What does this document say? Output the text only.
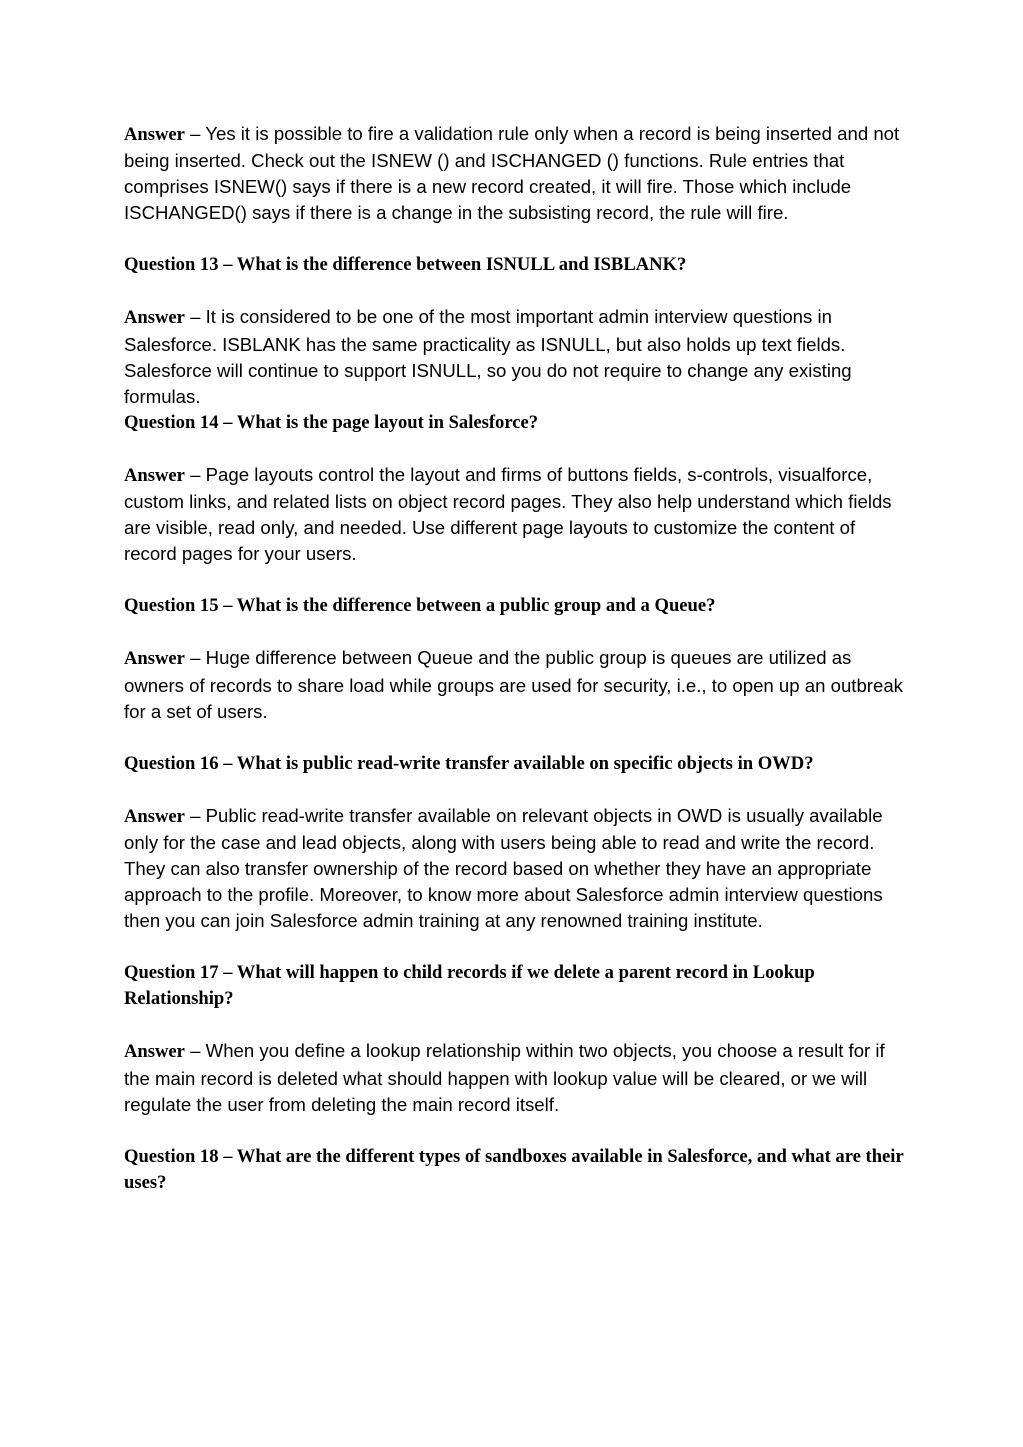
Answer – Yes it is possible to fire a validation rule only when a record is being inserted and not being inserted. Check out the ISNEW () and ISCHANGED () functions. Rule entries that comprises ISNEW() says if there is a new record created, it will fire. Those which include ISCHANGED() says if there is a change in the subsisting record, the rule will fire.

Question 13 – What is the difference between ISNULL and ISBLANK?

Answer – It is considered to be one of the most important admin interview questions in Salesforce. ISBLANK has the same practicality as ISNULL, but also holds up text fields. Salesforce will continue to support ISNULL, so you do not require to change any existing formulas.

Question 14 – What is the page layout in Salesforce?

Answer – Page layouts control the layout and firms of buttons fields, s-controls, visualforce, custom links, and related lists on object record pages. They also help understand which fields are visible, read only, and needed. Use different page layouts to customize the content of record pages for your users.

Question 15 – What is the difference between a public group and a Queue?

Answer – Huge difference between Queue and the public group is queues are utilized as owners of records to share load while groups are used for security, i.e., to open up an outbreak for a set of users.

Question 16 – What is public read-write transfer available on specific objects in OWD?

Answer – Public read-write transfer available on relevant objects in OWD is usually available only for the case and lead objects, along with users being able to read and write the record. They can also transfer ownership of the record based on whether they have an appropriate approach to the profile. Moreover, to know more about Salesforce admin interview questions then you can join Salesforce admin training at any renowned training institute.

Question 17 – What will happen to child records if we delete a parent record in Lookup Relationship?

Answer – When you define a lookup relationship within two objects, you choose a result for if the main record is deleted what should happen with lookup value will be cleared, or we will regulate the user from deleting the main record itself.

Question 18 – What are the different types of sandboxes available in Salesforce, and what are their uses?
